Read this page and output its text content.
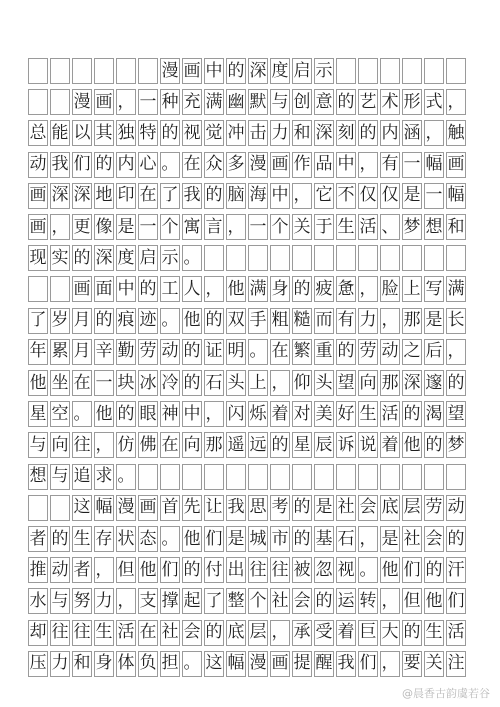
漫 画 中 的 深 度 启 示
漫 画 ， 一 种 充 满 幽 默 与 创 意 的 艺 术 形 式 ，
总 能 以 其 独 特 的 视 觉 冲 击 力 和 深 刻 的 内 涵 ， 触
动 我 们 的 内 心 。 在 众 多 漫 画 作 品 中 ， 有 一 幅 画
画 深 深 地 印 在 了 我 的 脑 海 中 ， 它 不 仅 仅 是 一 幅
画 ， 更 像 是 一 个 寓 言 ， 一 个 关 于 生 活 、 梦 想 和
现 实 的 深 度 启 示 。
画 面 中 的 工 人 ， 他 满 身 的 疲 惫 ， 脸 上 写 满
了 岁 月 的 痕 迹 。 他 的 双 手 粗 糙 而 有 力 ， 那 是 长
年 累 月 辛 勤 劳 动 的 证 明 。 在 繁 重 的 劳 动 之 后 ，
他 坐 在 一 块 冰 冷 的 石 头 上 ， 仰 头 望 向 那 深 邃 的
星 空 。 他 的 眼 神 中 ， 闪 烁 着 对 美 好 生 活 的 渴 望
与 向 往 ， 仿 佛 在 向 那 遥 远 的 星 辰 诉 说 着 他 的 梦
想 与 追 求 。
这 幅 漫 画 首 先 让 我 思 考 的 是 社 会 底 层 劳 动
者 的 生 存 状 态 。 他 们 是 城 市 的 基 石 ， 是 社 会 的
推 动 者 ， 但 他 们 的 付 出 往 往 被 忽 视 。 他 们 的 汗
水 与 努 力 ， 支 撑 起 了 整 个 社 会 的 运 转 ， 但 他 们
却 往 往 生 活 在 社 会 的 底 层 ， 承 受 着 巨 大 的 生 活
压 力 和 身 体 负 担 。 这 幅 漫 画 提 醒 我 们 ， 要 关 注
@晨香古韵虞若谷
